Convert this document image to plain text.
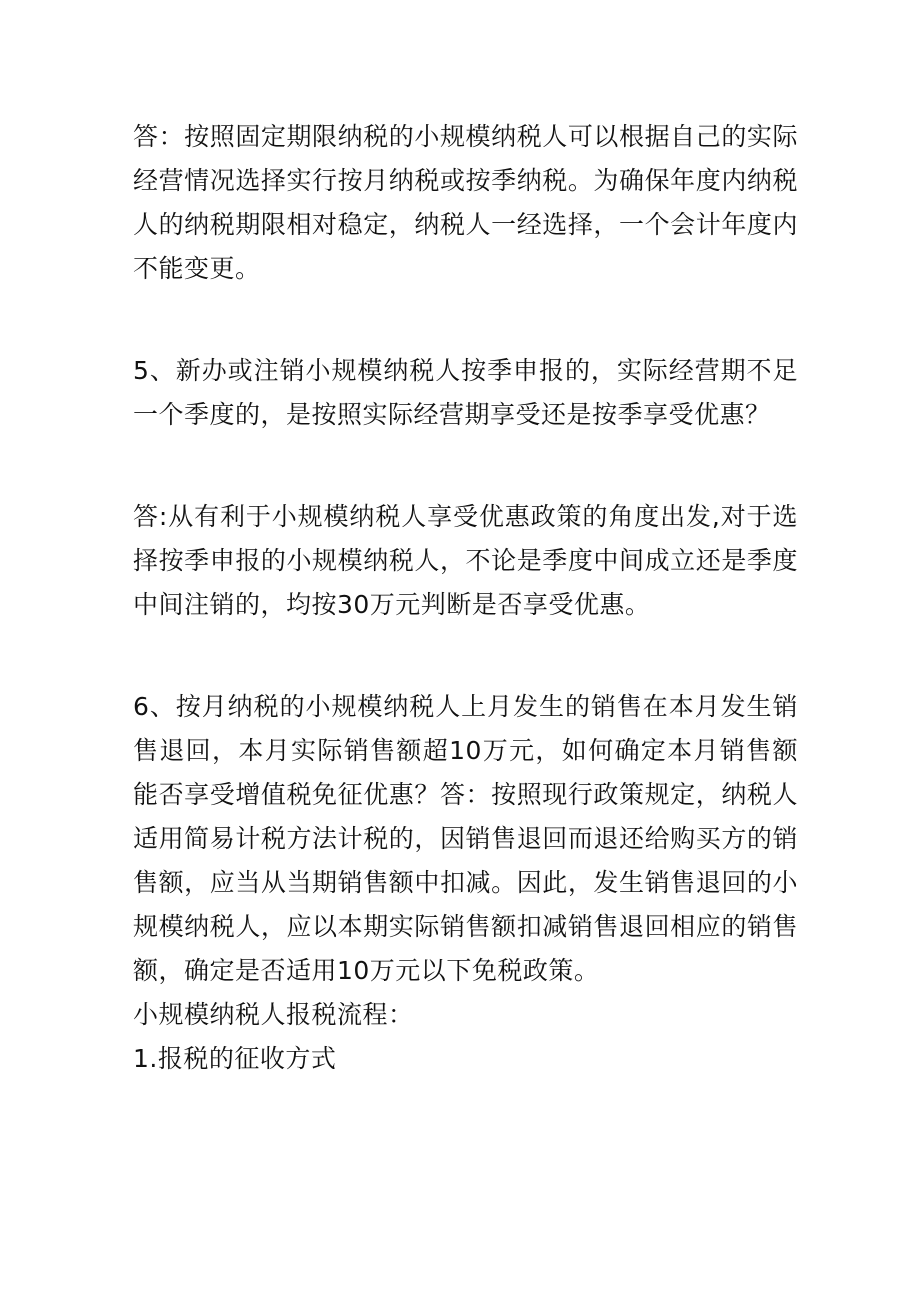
答：按照固定期限纳税的小规模纳税人可以根据自己的实际经营情况选择实行按月纳税或按季纳税。为确保年度内纳税人的纳税期限相对稳定，纳税人一经选择，一个会计年度内不能变更。

5、新办或注销小规模纳税人按季申报的，实际经营期不足一个季度的，是按照实际经营期享受还是按季享受优惠？

答:从有利于小规模纳税人享受优惠政策的角度出发,对于选择按季申报的小规模纳税人，不论是季度中间成立还是季度中间注销的，均按30万元判断是否享受优惠。

6、按月纳税的小规模纳税人上月发生的销售在本月发生销售退回，本月实际销售额超10万元，如何确定本月销售额能否享受增值税免征优惠？答：按照现行政策规定，纳税人适用简易计税方法计税的，因销售退回而退还给购买方的销售额，应当从当期销售额中扣减。因此，发生销售退回的小规模纳税人，应以本期实际销售额扣减销售退回相应的销售额，确定是否适用10万元以下免税政策。

小规模纳税人报税流程：

1.报税的征收方式
